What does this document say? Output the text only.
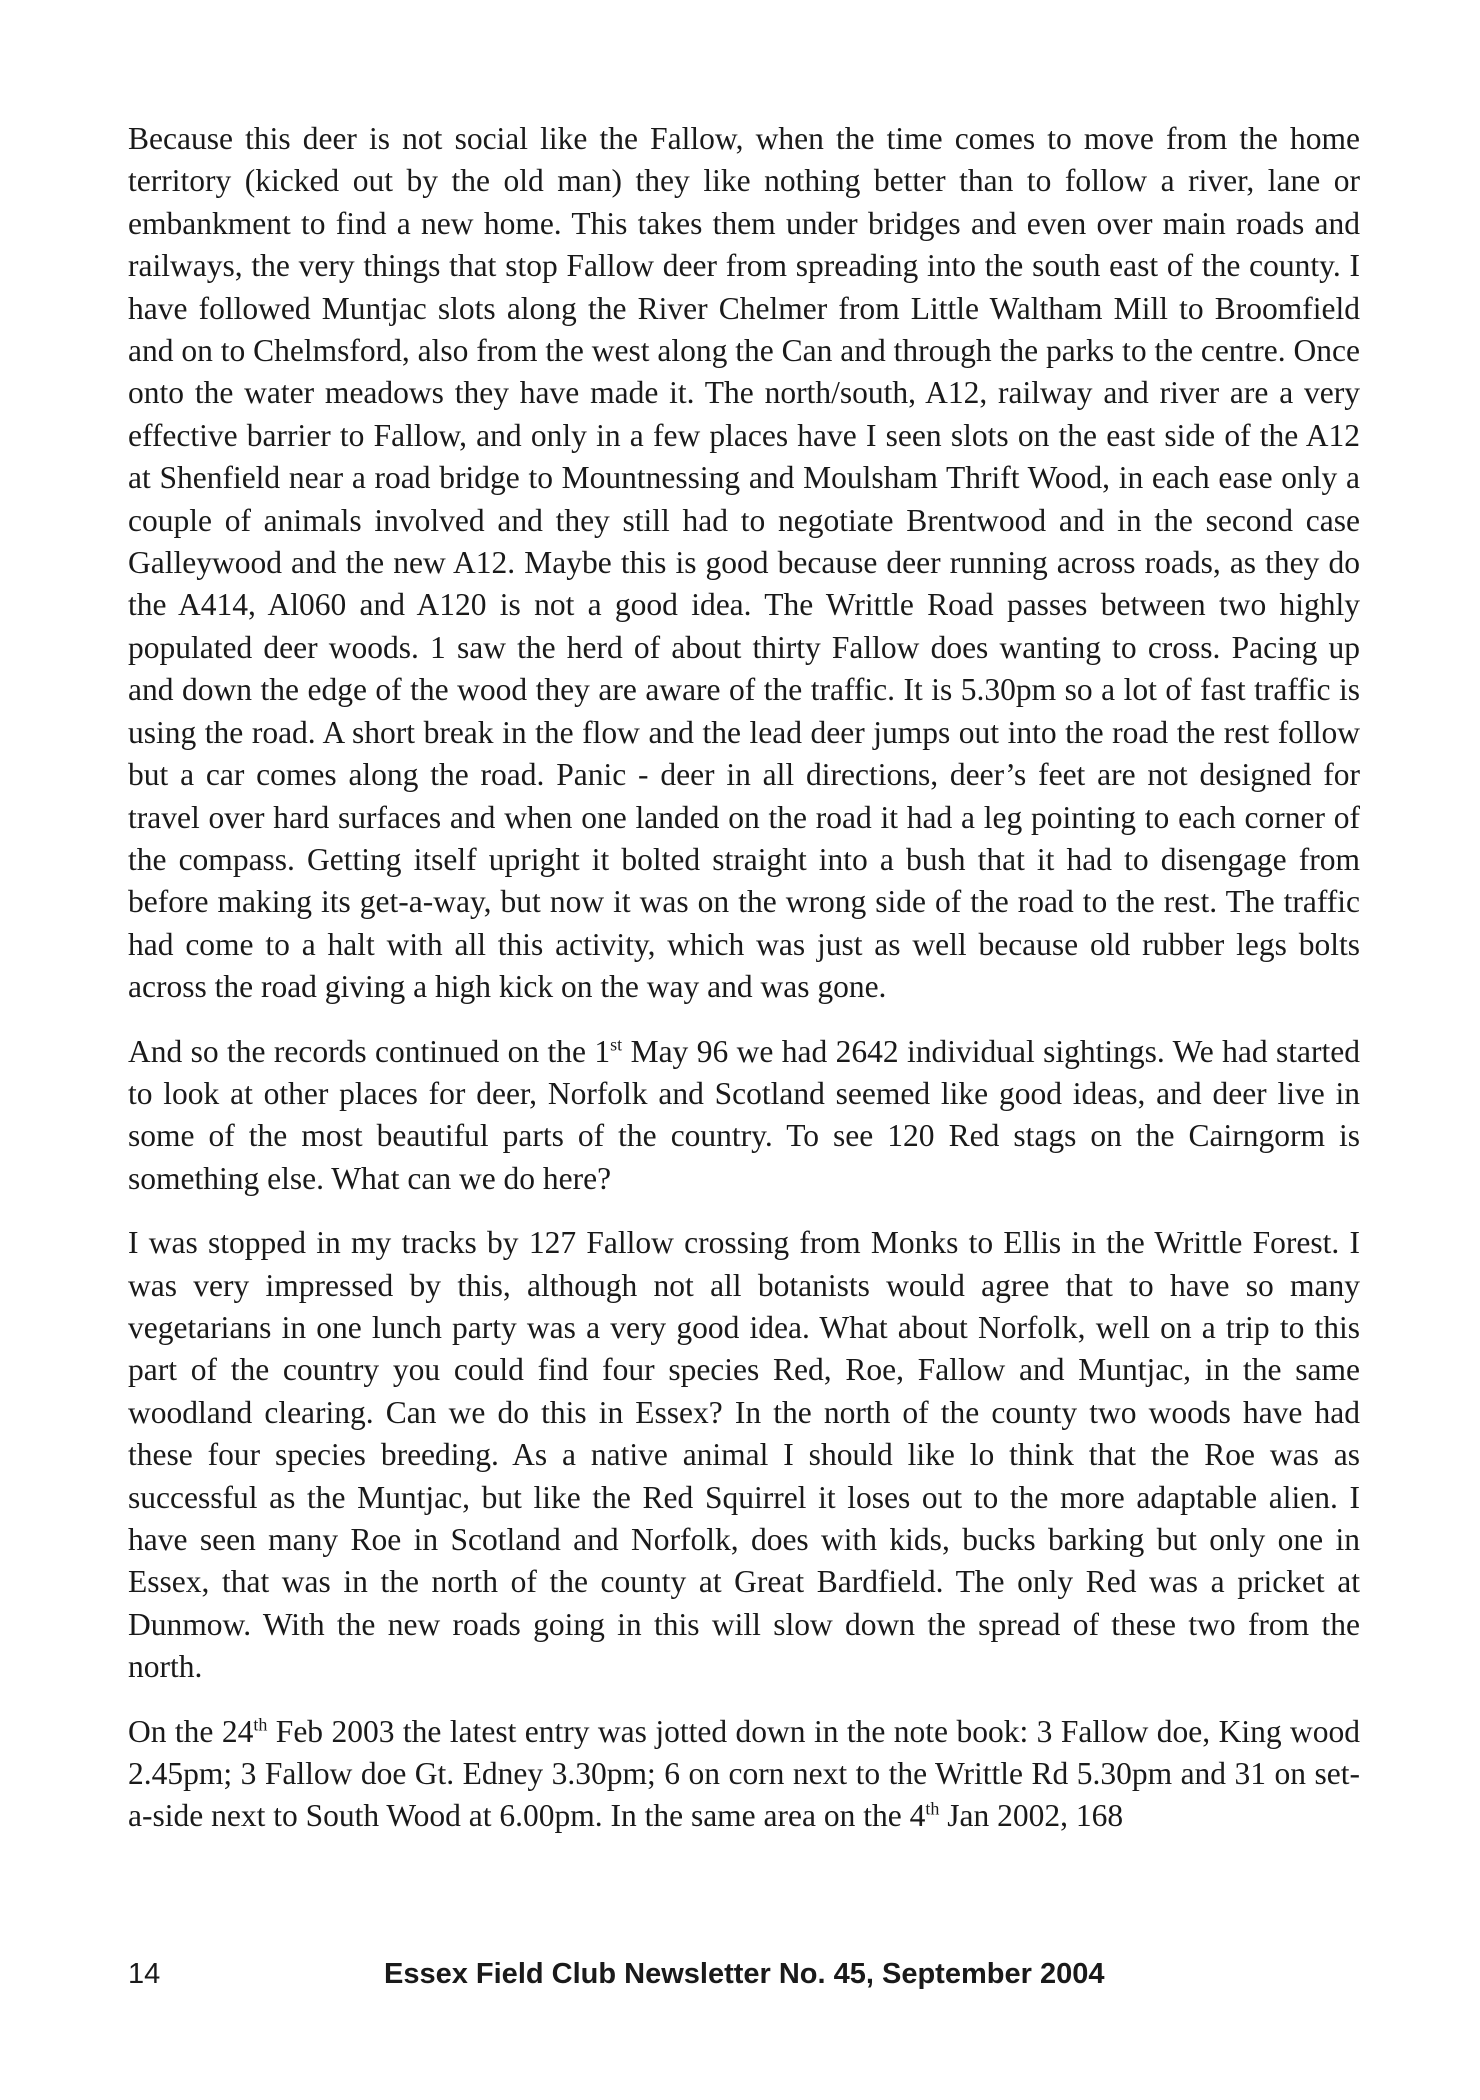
Because this deer is not social like the Fallow, when the time comes to move from the home territory (kicked out by the old man) they like nothing better than to follow a river, lane or embankment to find a new home. This takes them under bridges and even over main roads and railways, the very things that stop Fallow deer from spreading into the south east of the county. I have followed Muntjac slots along the River Chelmer from Little Waltham Mill to Broomfield and on to Chelmsford, also from the west along the Can and through the parks to the centre. Once onto the water meadows they have made it. The north/south, A12, railway and river are a very effective barrier to Fallow, and only in a few places have I seen slots on the east side of the A12 at Shenfield near a road bridge to Mountnessing and Moulsham Thrift Wood, in each ease only a couple of animals involved and they still had to negotiate Brentwood and in the second case Galleywood and the new A12. Maybe this is good because deer running across roads, as they do the A414, Al060 and A120 is not a good idea. The Writtle Road passes between two highly populated deer woods. 1 saw the herd of about thirty Fallow does wanting to cross. Pacing up and down the edge of the wood they are aware of the traffic. It is 5.30pm so a lot of fast traffic is using the road. A short break in the flow and the lead deer jumps out into the road the rest follow but a car comes along the road. Panic - deer in all directions, deer’s feet are not designed for travel over hard surfaces and when one landed on the road it had a leg pointing to each corner of the compass. Getting itself upright it bolted straight into a bush that it had to disengage from before making its get-a-way, but now it was on the wrong side of the road to the rest. The traffic had come to a halt with all this activity, which was just as well because old rubber legs bolts across the road giving a high kick on the way and was gone.

And so the records continued on the 1st May 96 we had 2642 individual sightings. We had started to look at other places for deer, Norfolk and Scotland seemed like good ideas, and deer live in some of the most beautiful parts of the country. To see 120 Red stags on the Cairngorm is something else. What can we do here?

I was stopped in my tracks by 127 Fallow crossing from Monks to Ellis in the Writtle Forest. I was very impressed by this, although not all botanists would agree that to have so many vegetarians in one lunch party was a very good idea. What about Norfolk, well on a trip to this part of the country you could find four species Red, Roe, Fallow and Muntjac, in the same woodland clearing. Can we do this in Essex? In the north of the county two woods have had these four species breeding. As a native animal I should like lo think that the Roe was as successful as the Muntjac, but like the Red Squirrel it loses out to the more adaptable alien. I have seen many Roe in Scotland and Norfolk, does with kids, bucks barking but only one in Essex, that was in the north of the county at Great Bardfield. The only Red was a pricket at Dunmow. With the new roads going in this will slow down the spread of these two from the north.

On the 24th Feb 2003 the latest entry was jotted down in the note book: 3 Fallow doe, King wood 2.45pm; 3 Fallow doe Gt. Edney 3.30pm; 6 on corn next to the Writtle Rd 5.30pm and 31 on set-a-side next to South Wood at 6.00pm. In the same area on the 4th Jan 2002, 168

14	Essex Field Club Newsletter No. 45, September 2004
